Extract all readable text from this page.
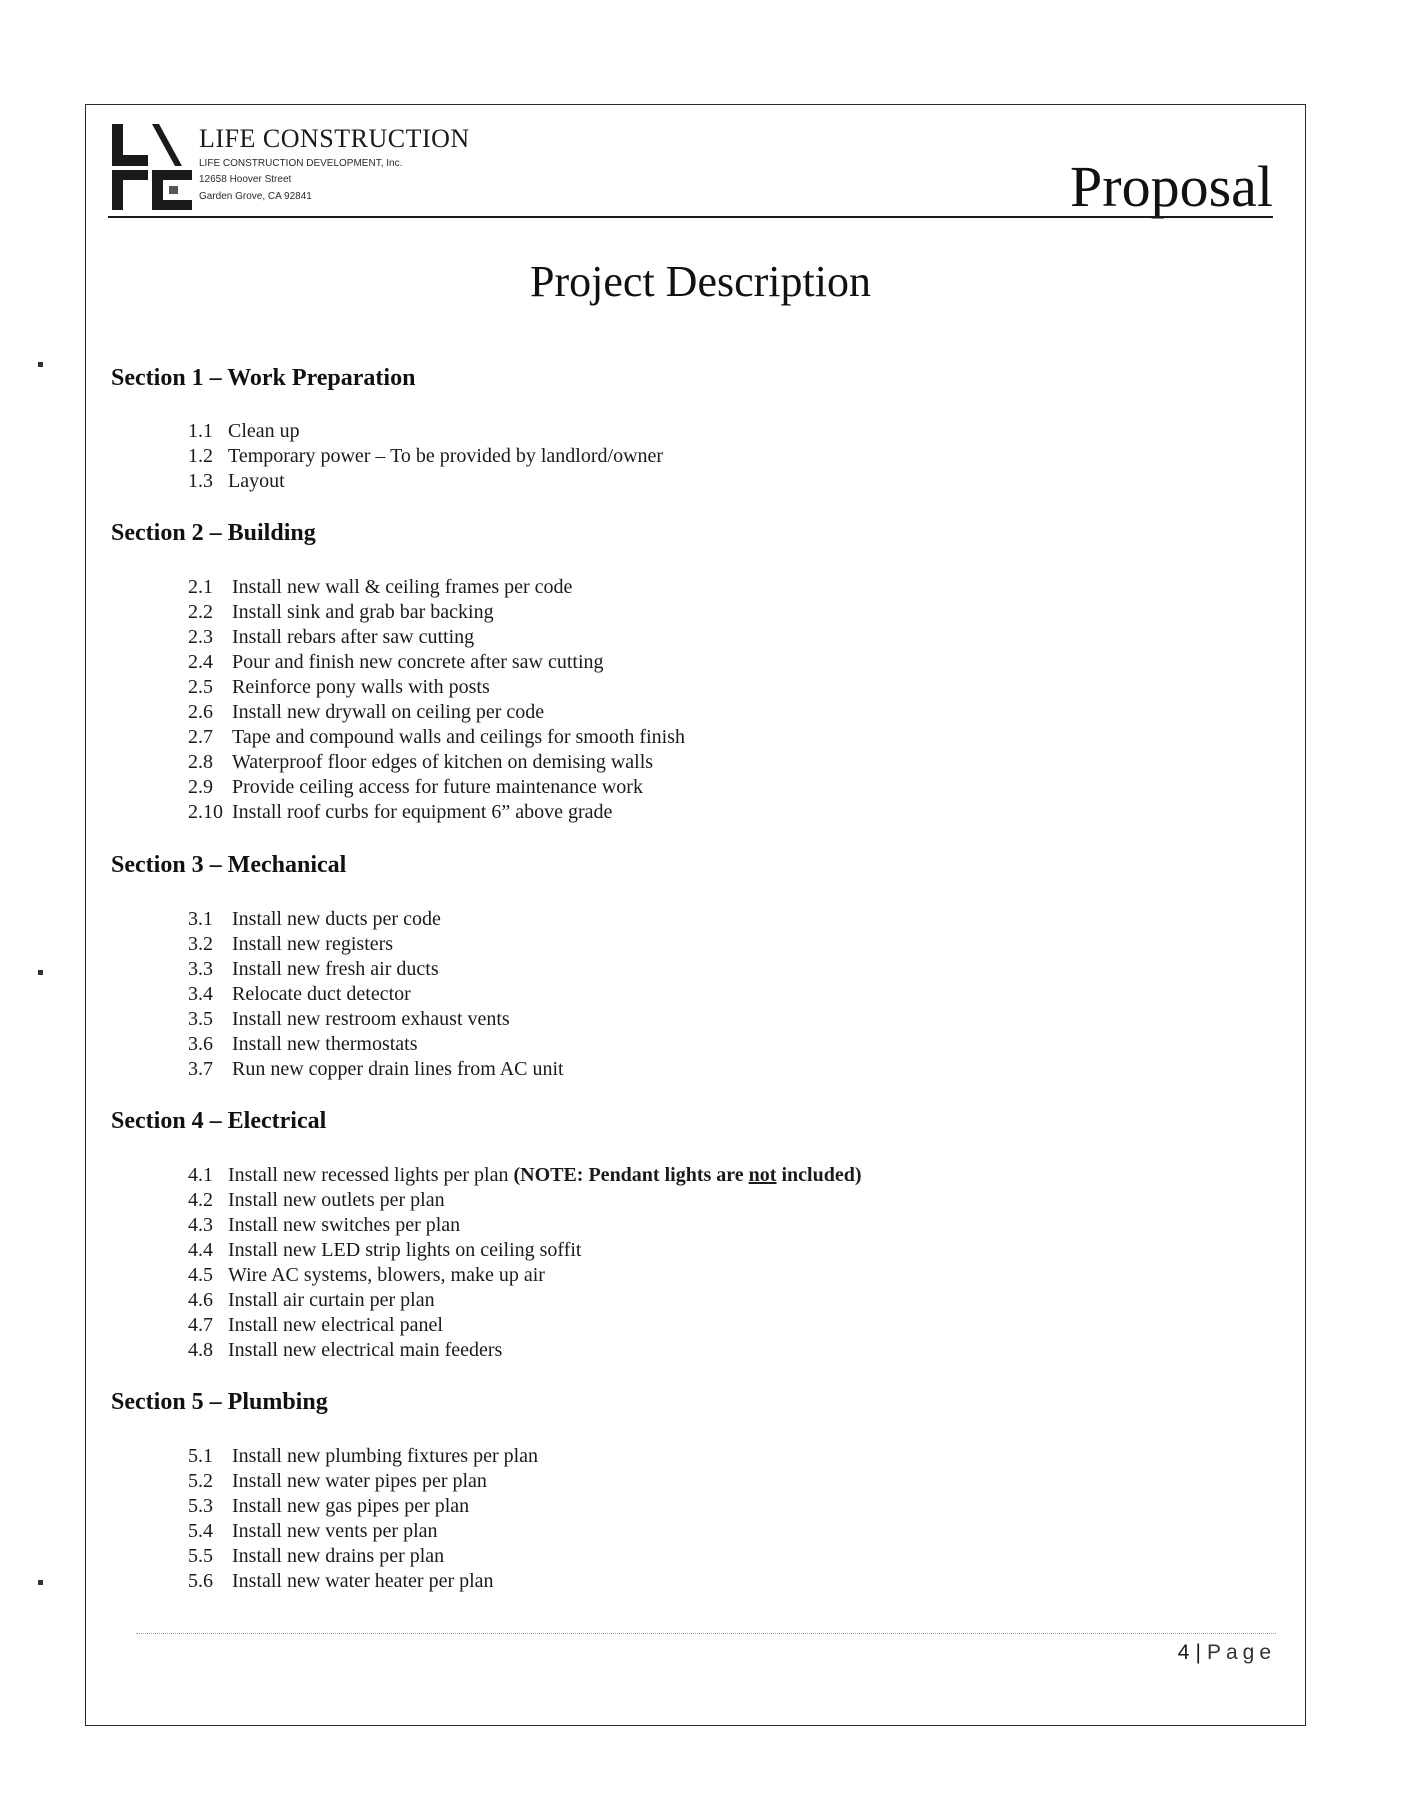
LIFE CONSTRUCTION
LIFE CONSTRUCTION DEVELOPMENT, Inc.
12658 Hoover Street
Garden Grove, CA 92841	Proposal
Project Description
Section 1 – Work Preparation
1.1 Clean up
1.2 Temporary power – To be provided by landlord/owner
1.3 Layout
Section 2 – Building
2.1 Install new wall & ceiling frames per code
2.2 Install sink and grab bar backing
2.3 Install rebars after saw cutting
2.4 Pour and finish new concrete after saw cutting
2.5 Reinforce pony walls with posts
2.6 Install new drywall on ceiling per code
2.7 Tape and compound walls and ceilings for smooth finish
2.8 Waterproof floor edges of kitchen on demising walls
2.9 Provide ceiling access for future maintenance work
2.10 Install roof curbs for equipment 6” above grade
Section 3 – Mechanical
3.1 Install new ducts per code
3.2 Install new registers
3.3 Install new fresh air ducts
3.4 Relocate duct detector
3.5 Install new restroom exhaust vents
3.6 Install new thermostats
3.7 Run new copper drain lines from AC unit
Section 4 – Electrical
4.1 Install new recessed lights per plan (NOTE: Pendant lights are not included)
4.2 Install new outlets per plan
4.3 Install new switches per plan
4.4 Install new LED strip lights on ceiling soffit
4.5 Wire AC systems, blowers, make up air
4.6 Install air curtain per plan
4.7 Install new electrical panel
4.8 Install new electrical main feeders
Section 5 – Plumbing
5.1 Install new plumbing fixtures per plan
5.2 Install new water pipes per plan
5.3 Install new gas pipes per plan
5.4 Install new vents per plan
5.5 Install new drains per plan
5.6 Install new water heater per plan
4 | Page
